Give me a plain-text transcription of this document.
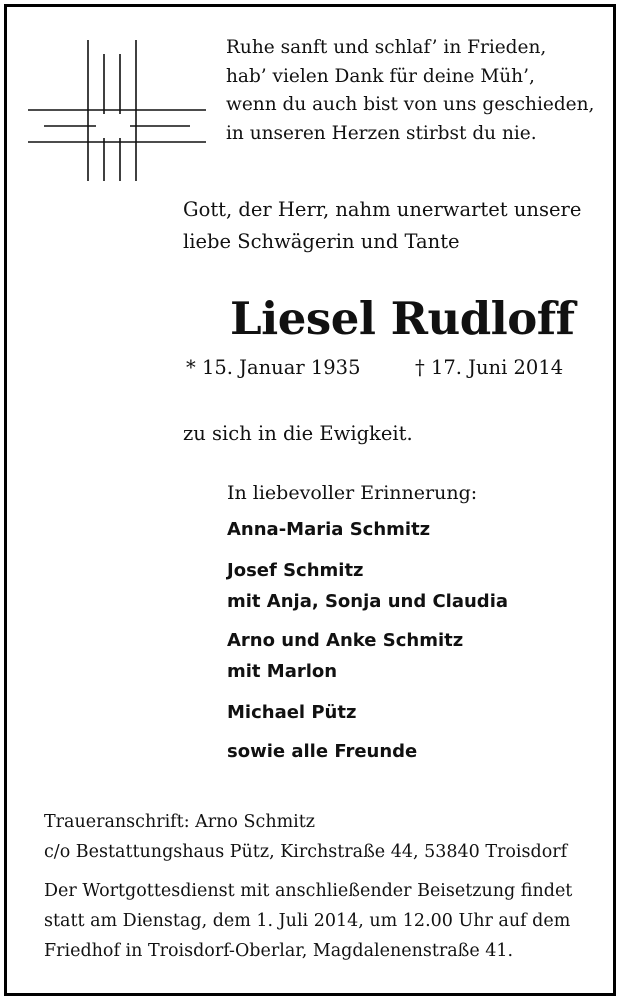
Ruhe sanft und schlaf’ in Frieden,
hab’ vielen Dank für deine Müh’,
wenn du auch bist von uns geschieden,
in unseren Herzen stirbst du nie.
Gott, der Herr, nahm unerwartet unsere
liebe Schwägerin und Tante
Liesel Rudloff
* 15. Januar 1935	† 17. Juni 2014
zu sich in die Ewigkeit.
In liebevoller Erinnerung:
Anna-Maria Schmitz
Josef Schmitz
mit Anja, Sonja und Claudia
Arno und Anke Schmitz
mit Marlon
Michael Pütz
sowie alle Freunde
Traueranschrift: Arno Schmitz
c/o Bestattungshaus Pütz, Kirchstraße 44, 53840 Troisdorf
Der Wortgottesdienst mit anschließender Beisetzung findet
statt am Dienstag, dem 1. Juli 2014, um 12.00 Uhr auf dem
Friedhof in Troisdorf-Oberlar, Magdalenenstraße 41.
